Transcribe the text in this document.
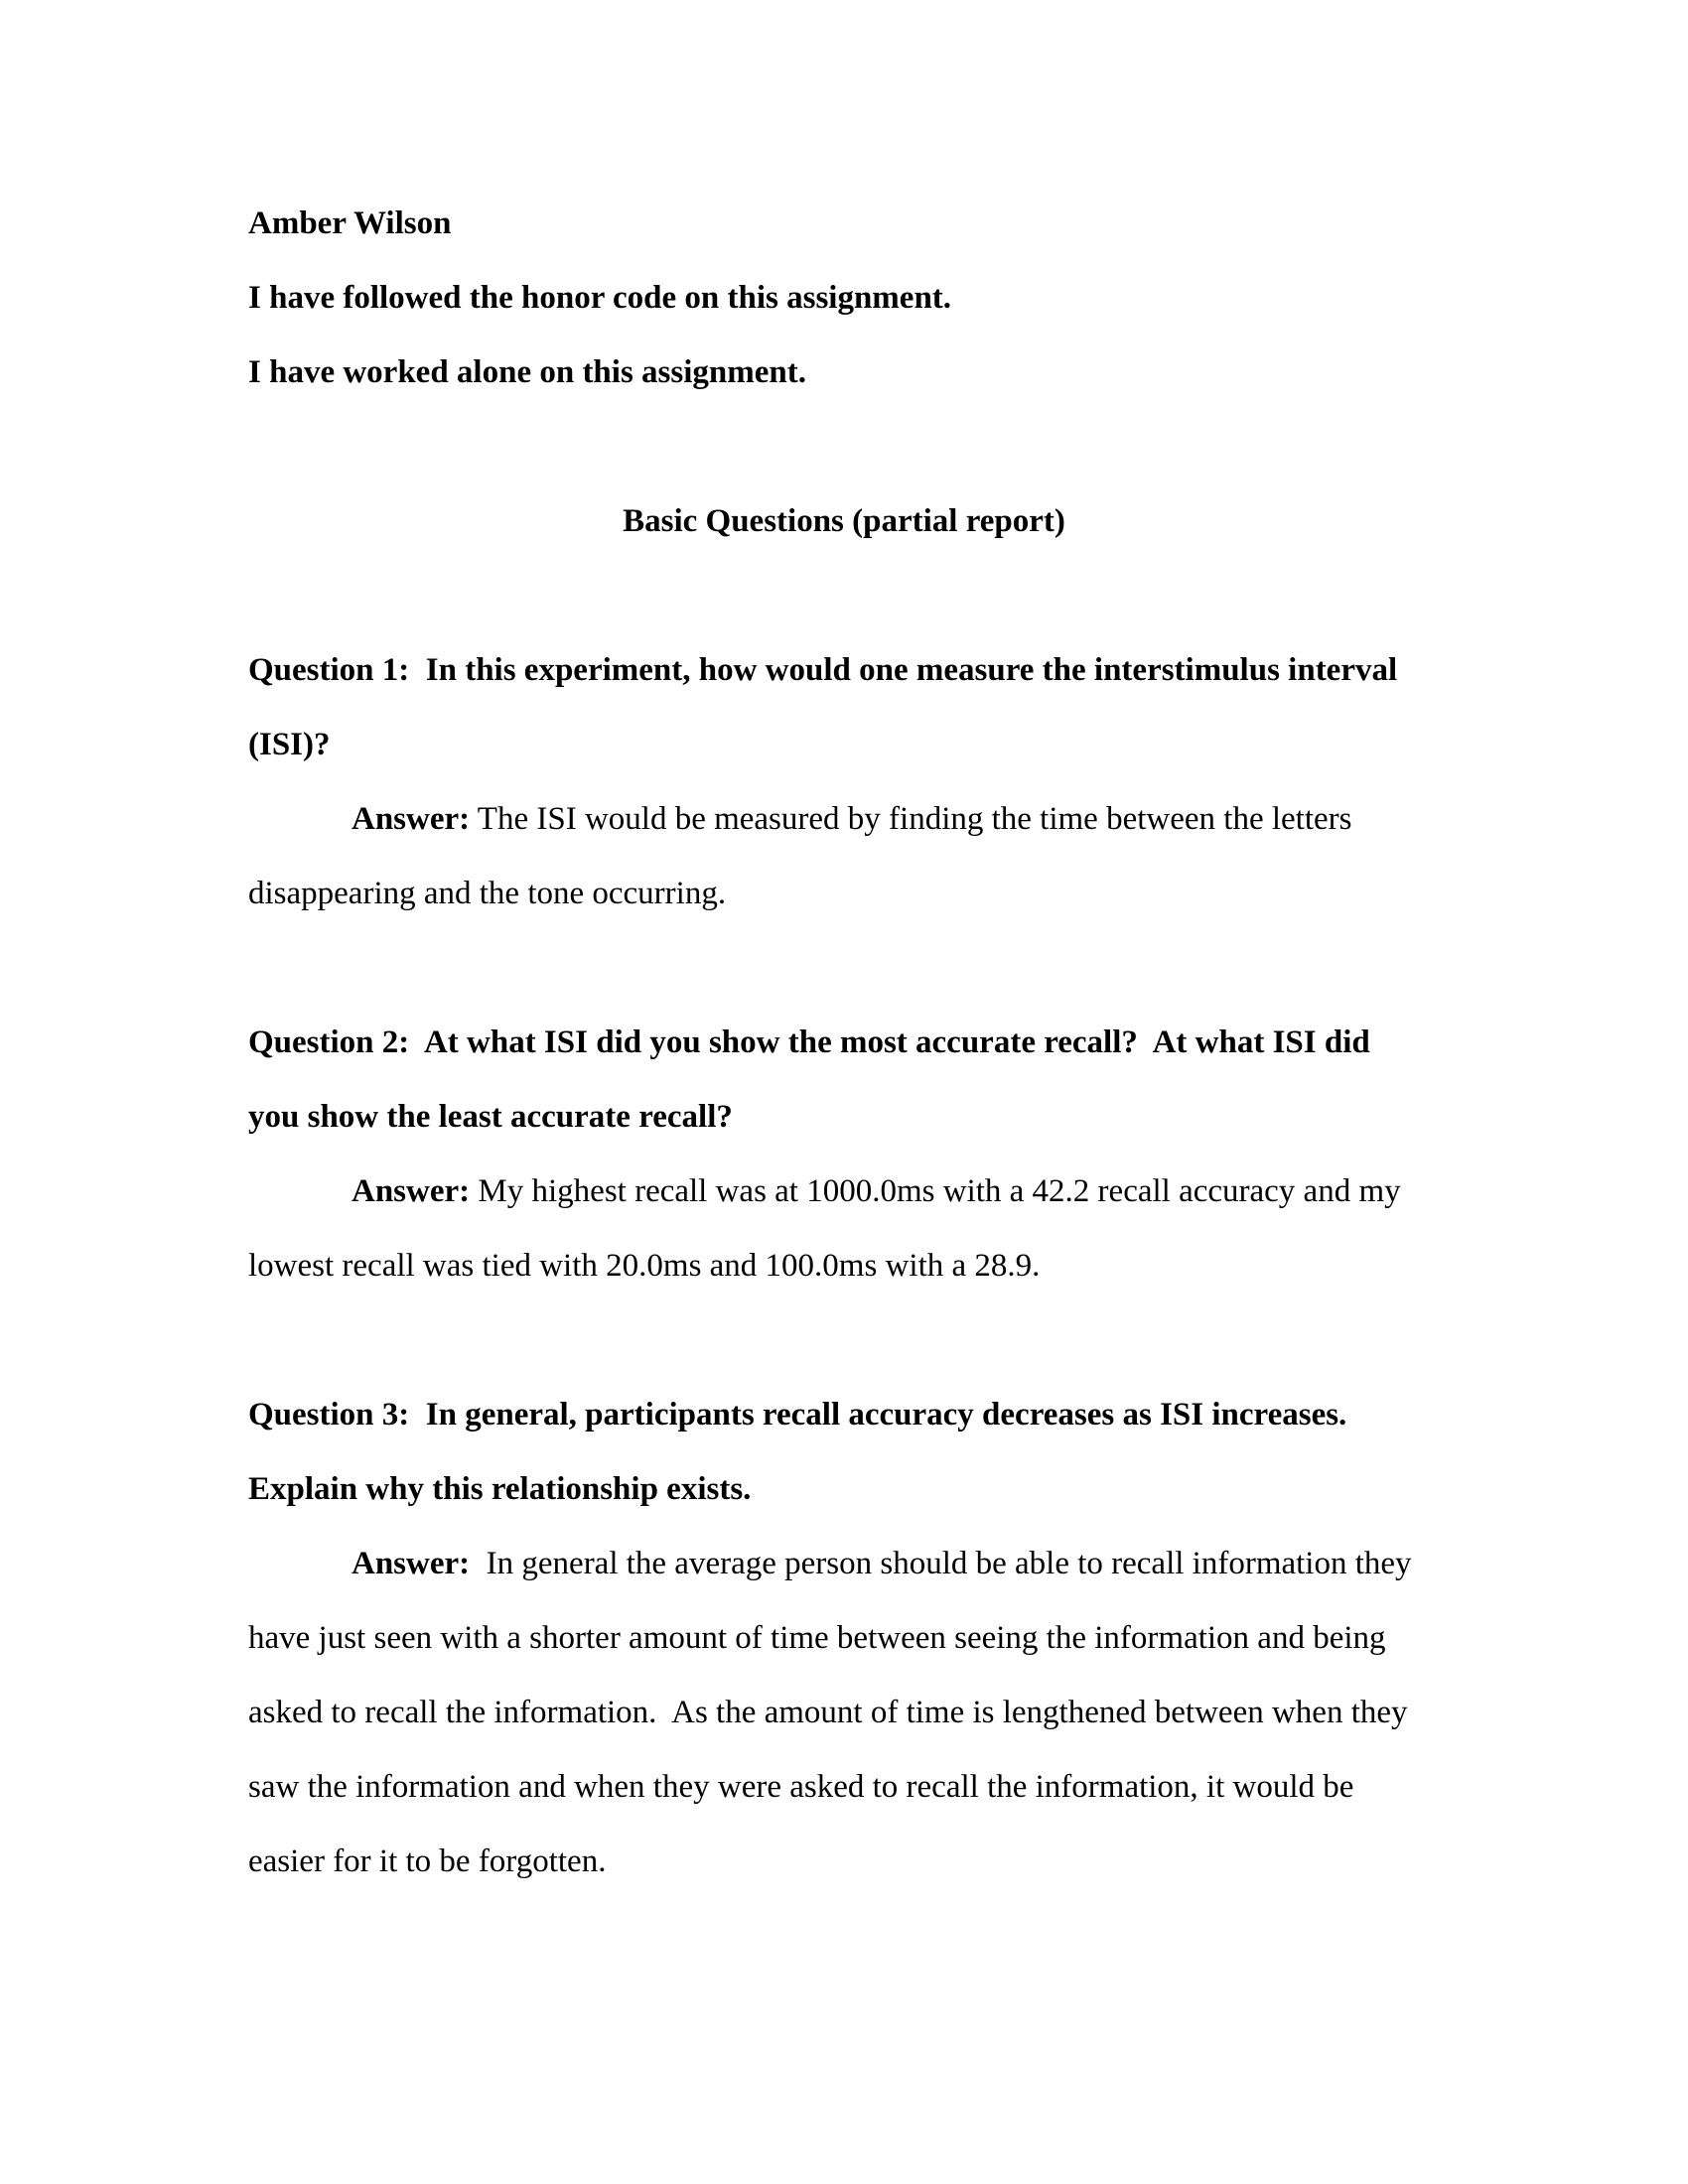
Amber Wilson
I have followed the honor code on this assignment.
I have worked alone on this assignment.
Basic Questions (partial report)
Question 1:  In this experiment, how would one measure the interstimulus interval
(ISI)?
Answer: The ISI would be measured by finding the time between the letters
disappearing and the tone occurring.
Question 2:  At what ISI did you show the most accurate recall?  At what ISI did
you show the least accurate recall?
Answer: My highest recall was at 1000.0ms with a 42.2 recall accuracy and my
lowest recall was tied with 20.0ms and 100.0ms with a 28.9.
Question 3:  In general, participants recall accuracy decreases as ISI increases.
Explain why this relationship exists.
Answer:  In general the average person should be able to recall information they
have just seen with a shorter amount of time between seeing the information and being
asked to recall the information.  As the amount of time is lengthened between when they
saw the information and when they were asked to recall the information, it would be
easier for it to be forgotten.
